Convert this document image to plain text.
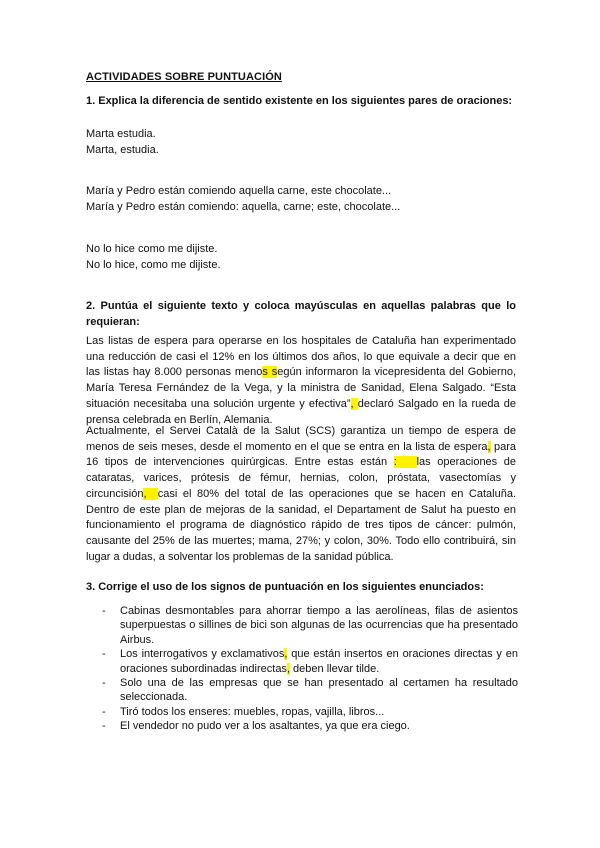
ACTIVIDADES SOBRE PUNTUACIÓN
1. Explica la diferencia de sentido existente en los siguientes pares de oraciones:
Marta estudia.
Marta, estudia.
María y Pedro están comiendo aquella carne, este chocolate...
María y Pedro están comiendo: aquella, carne; este, chocolate...
No lo hice como me dijiste.
No lo hice, como me dijiste.
2. Puntúa el siguiente texto y coloca mayúsculas en aquellas palabras que lo requieran:
Las listas de espera para operarse en los hospitales de Cataluña han experimentado una reducción de casi el 12% en los últimos dos años, lo que equivale a decir que en las listas hay 8.000 personas menos según informaron la vicepresidenta del Gobierno, María Teresa Fernández de la Vega, y la ministra de Sanidad, Elena Salgado. “Esta situación necesitaba una solución urgente y efectiva”, declaró Salgado en la rueda de prensa celebrada en Berlín, Alemania.
Actualmente, el Servei Català de la Salut (SCS) garantiza un tiempo de espera de menos de seis meses, desde el momento en el que se entra en la lista de espera, para 16 tipos de intervenciones quirúrgicas. Entre estas están :   las operaciones de cataratas, varices, prótesis de fémur, hernias, colon, próstata, vasectomías y circuncisión,  casi el 80% del total de las operaciones que se hacen en Cataluña. Dentro de este plan de mejoras de la sanidad, el Departament de Salut ha puesto en funcionamiento el programa de diagnóstico rápido de tres tipos de cáncer: pulmón, causante del 25% de las muertes; mama, 27%; y colon, 30%. Todo ello contribuirá, sin lugar a dudas, a solventar los problemas de la sanidad pública.
3. Corrige el uso de los signos de puntuación en los siguientes enunciados:
- Cabinas desmontables para ahorrar tiempo a las aerolíneas, filas de asientos superpuestas o sillines de bici son algunas de las ocurrencias que ha presentado Airbus.
- Los interrogativos y exclamativos, que están insertos en oraciones directas y en oraciones subordinadas indirectas, deben llevar tilde.
- Solo una de las empresas que se han presentado al certamen ha resultado seleccionada.
- Tiró todos los enseres: muebles, ropas, vajilla, libros...
- El vendedor no pudo ver a los asaltantes, ya que era ciego.
